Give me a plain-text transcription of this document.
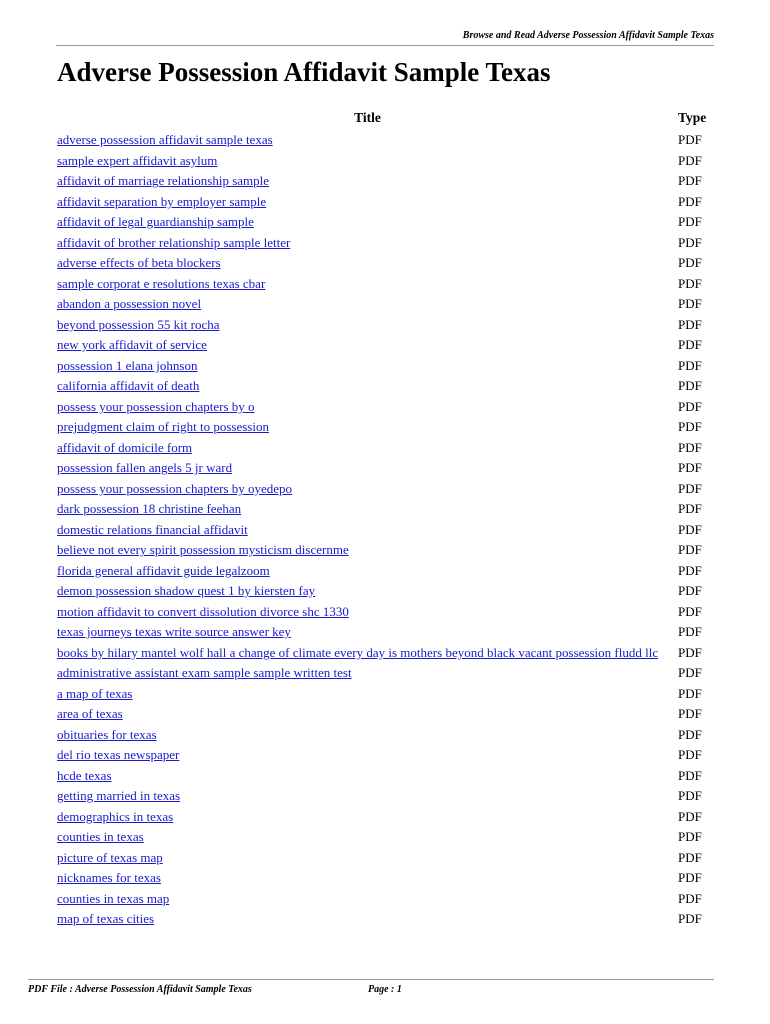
Browse and Read Adverse Possession Affidavit Sample Texas
Adverse Possession Affidavit Sample Texas
Title	Type
adverse possession affidavit sample texas	PDF
sample expert affidavit asylum	PDF
affidavit of marriage relationship sample	PDF
affidavit separation by employer sample	PDF
affidavit of legal guardianship sample	PDF
affidavit of brother relationship sample letter	PDF
adverse effects of beta blockers	PDF
sample corporat e resolutions texas cbar	PDF
abandon a possession novel	PDF
beyond possession 55 kit rocha	PDF
new york affidavit of service	PDF
possession 1 elana johnson	PDF
california affidavit of death	PDF
possess your possession chapters by o	PDF
prejudgment claim of right to possession	PDF
affidavit of domicile form	PDF
possession fallen angels 5 jr ward	PDF
possess your possession chapters by oyedepo	PDF
dark possession 18 christine feehan	PDF
domestic relations financial affidavit	PDF
believe not every spirit possession mysticism discernme	PDF
florida general affidavit guide legalzoom	PDF
demon possession shadow quest 1 by kiersten fay	PDF
motion affidavit to convert dissolution divorce shc 1330	PDF
texas journeys texas write source answer key	PDF
books by hilary mantel wolf hall a change of climate every day is mothers beyond black vacant possession fludd llc	PDF
administrative assistant exam sample sample written test	PDF
a map of texas	PDF
area of texas	PDF
obituaries for texas	PDF
del rio texas newspaper	PDF
hcde texas	PDF
getting married in texas	PDF
demographics in texas	PDF
counties in texas	PDF
picture of texas map	PDF
nicknames for texas	PDF
counties in texas map	PDF
map of texas cities	PDF
PDF File : Adverse Possession Affidavit Sample Texas	Page : 1
